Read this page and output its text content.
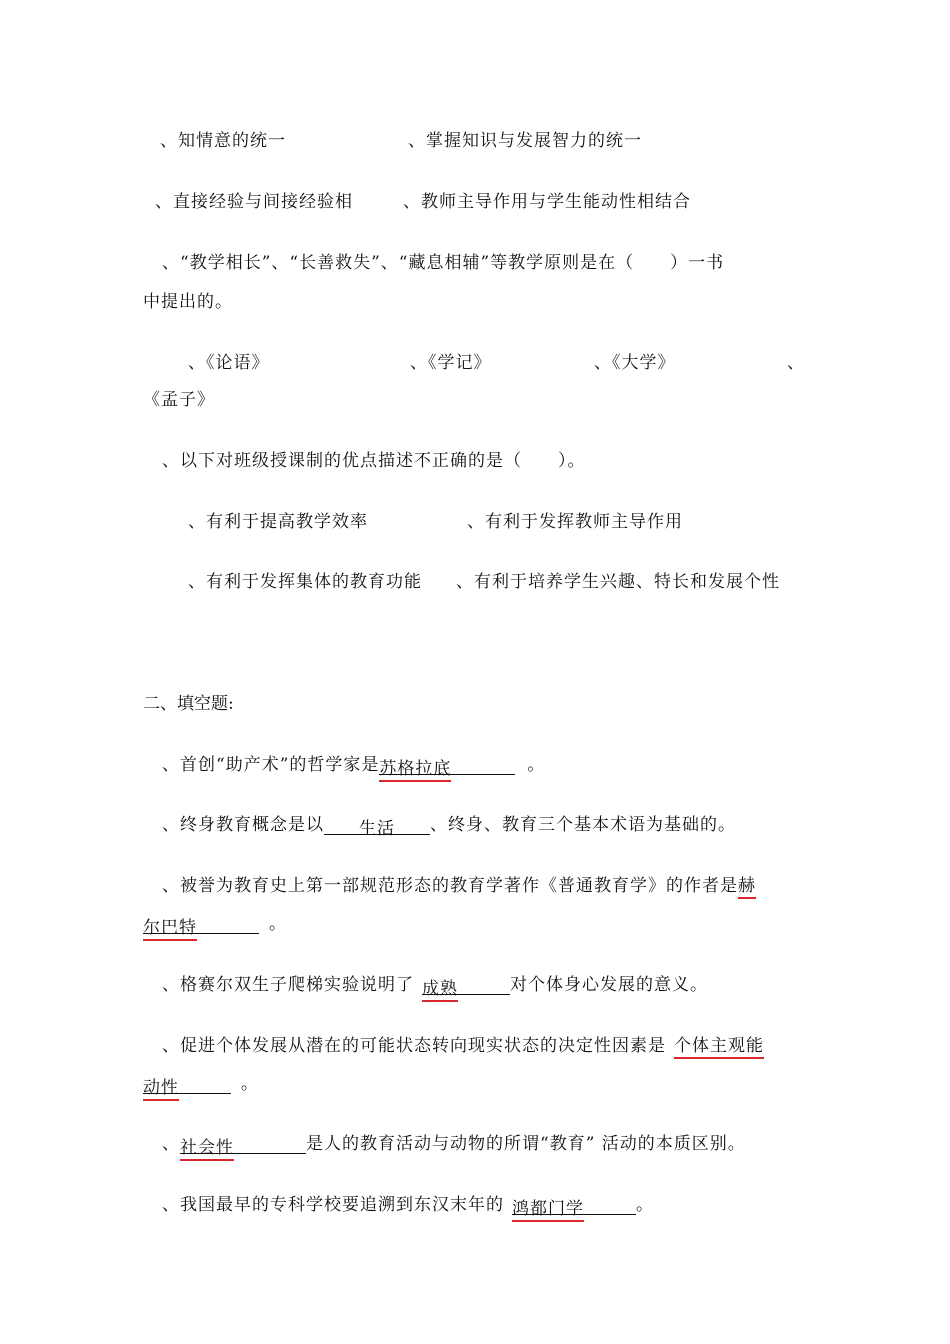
、知情意的统一	、掌握知识与发展智力的统一
、直接经验与间接经验相	、教师主导作用与学生能动性相结合
、“教学相长”、“长善救失”、“藏息相辅”等教学原则是在（　　）一书
中提出的。
、《论语》	、《学记》	、《大学》	、
《孟子》
、以下对班级授课制的优点描述不正确的是（　　）。
、有利于提高教学效率	、有利于发挥教师主导作用
、有利于发挥集体的教育功能 、有利于培养学生兴趣、特长和发展个性
二、填空题:
、首创“助产术”的哲学家是苏格拉底	。
、终身教育概念是以 生活 、终身、教育三个基本术语为基础的。
、被誉为教育史上第一部规范形态的教育学著作《普通教育学》的作者是赫
尔巴特	。
、格赛尔双生子爬梯实验说明了 成熟	对个体身心发展的意义。
、促进个体发展从潜在的可能状态转向现实状态的决定性因素是 个体主观能
动性	。
、社会性	是人的教育活动与动物的所谓“教育” 活动的本质区别。
、我国最早的专科学校要追溯到东汉末年的 鸿都门学	。
